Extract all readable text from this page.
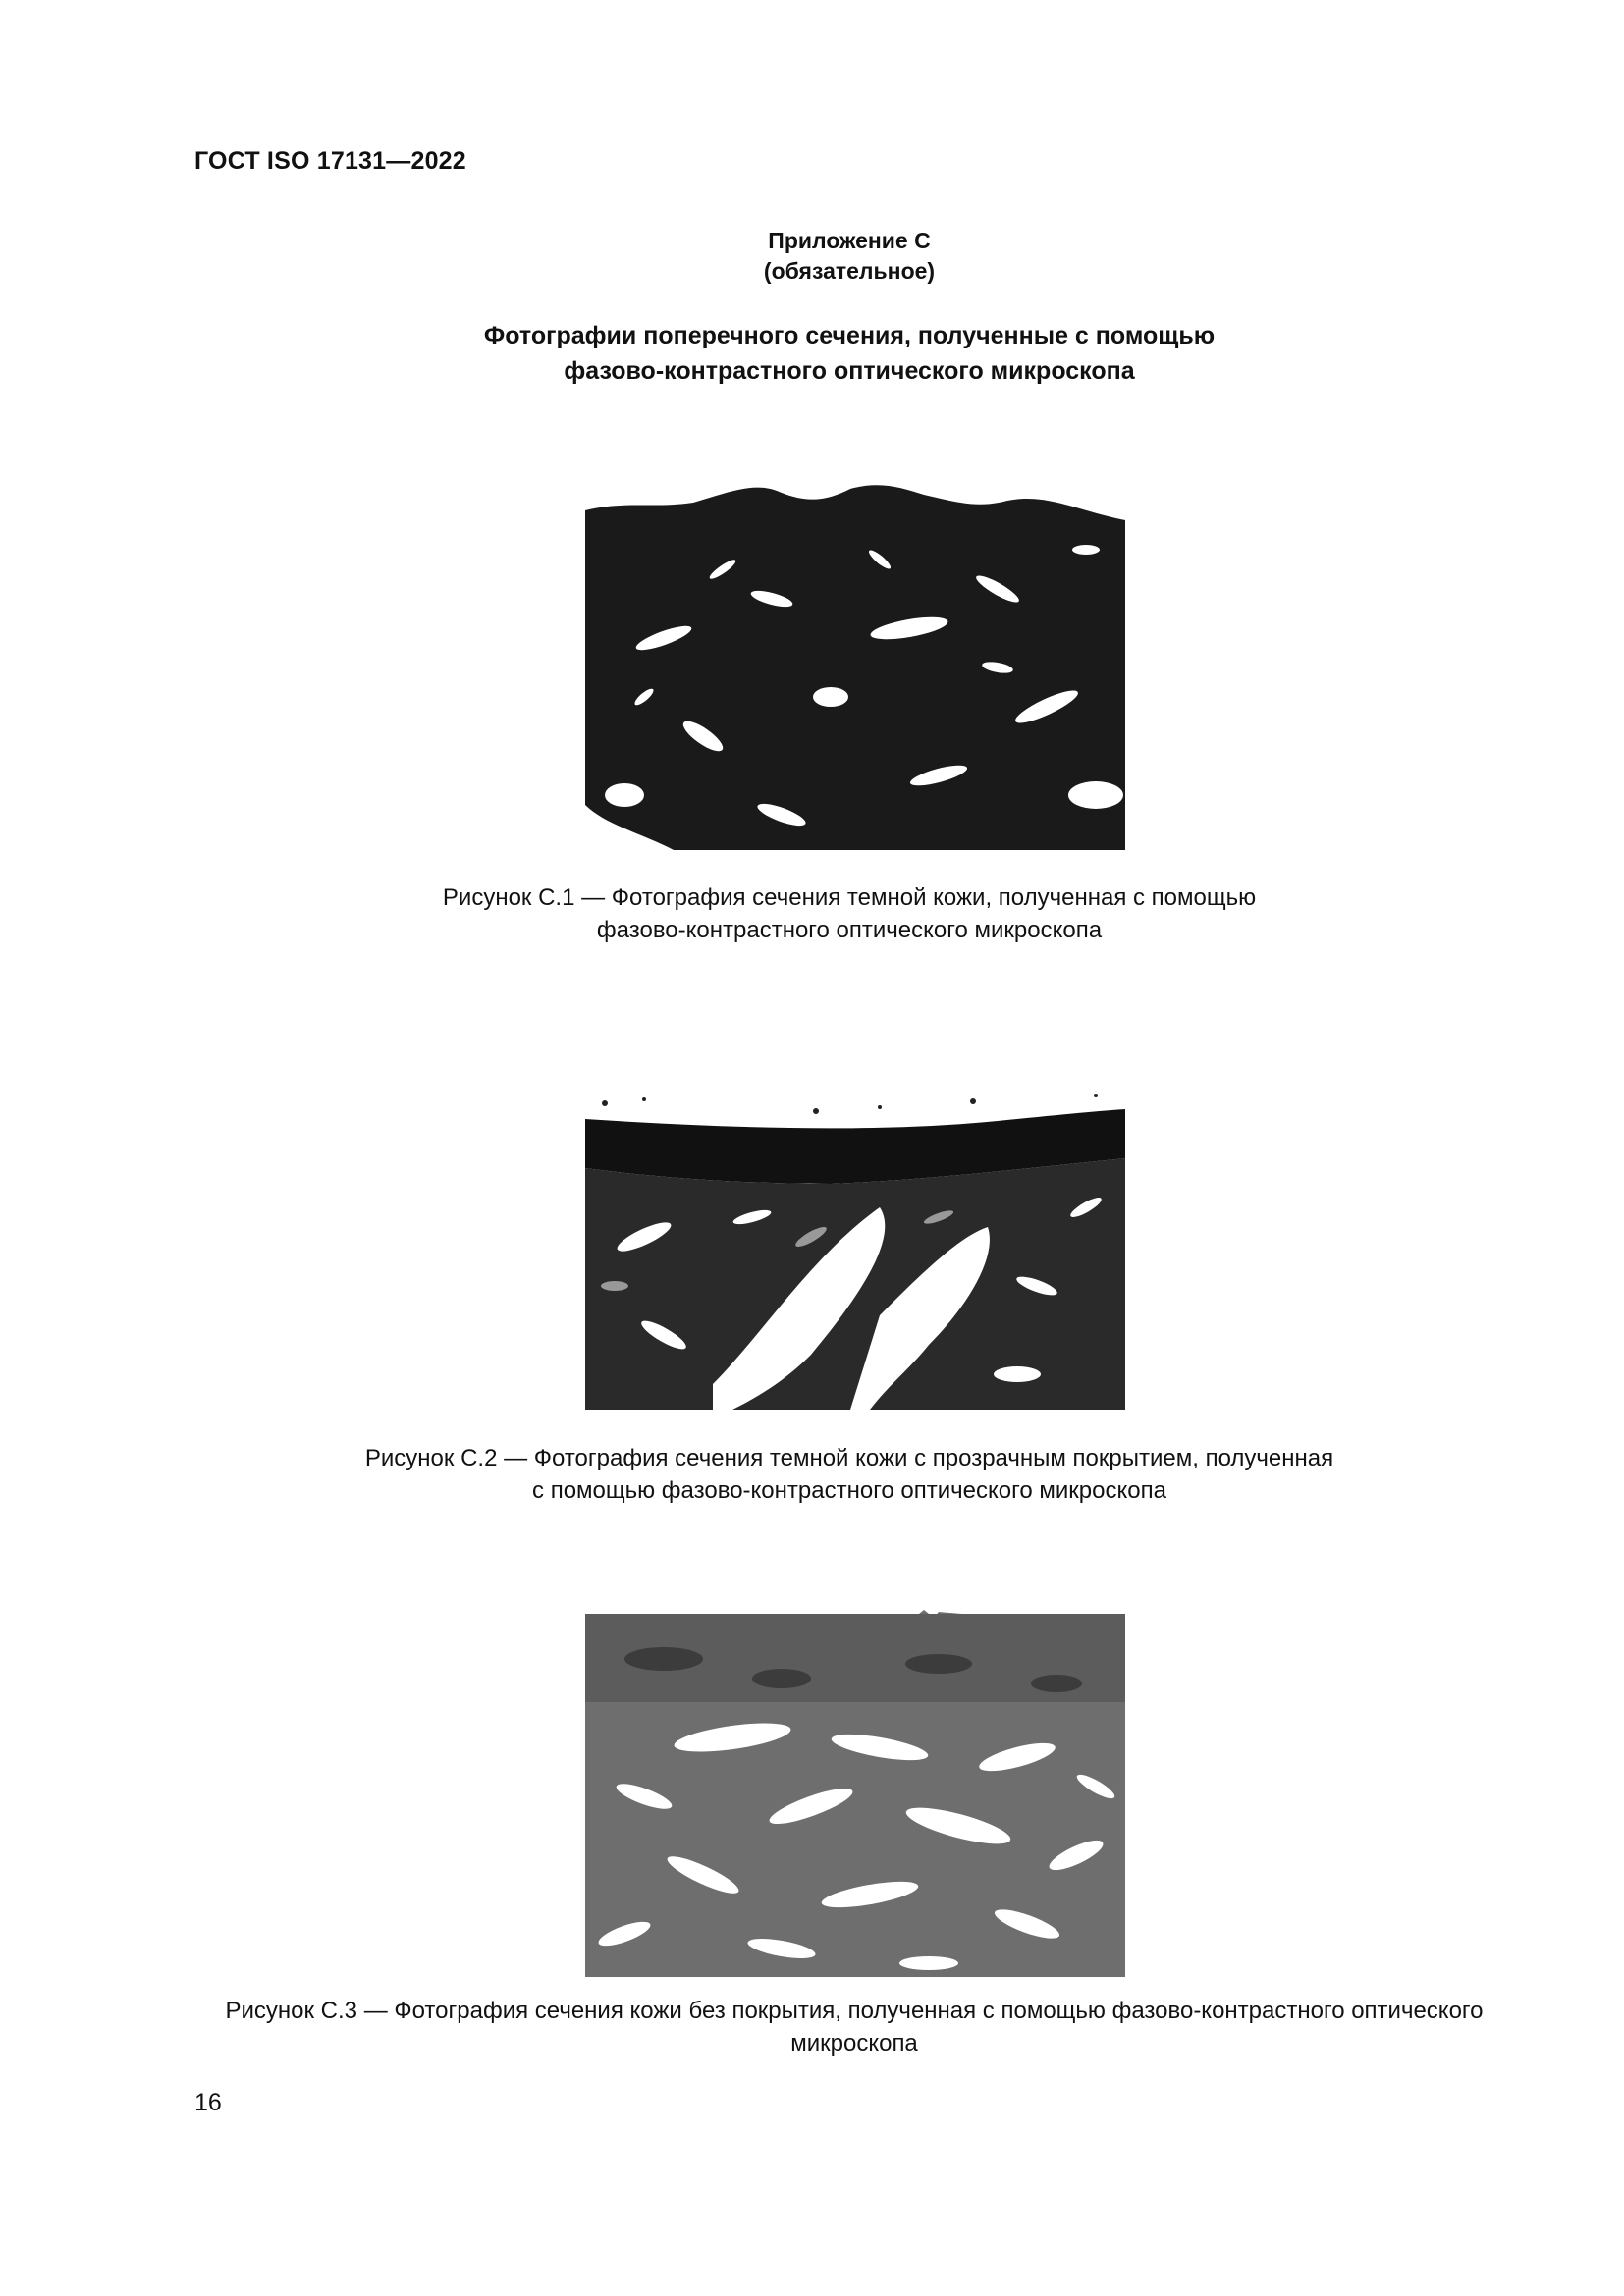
ГОСТ ISO 17131—2022
Приложение С
(обязательное)
Фотографии поперечного сечения, полученные с помощью
фазово-контрастного оптического микроскопа
Рисунок С.1 — Фотография сечения темной кожи, полученная с помощью
фазово-контрастного оптического микроскопа
Рисунок С.2 — Фотография сечения темной кожи с прозрачным покрытием, полученная
с помощью фазово-контрастного оптического микроскопа
Рисунок С.3 — Фотография сечения кожи без покрытия, полученная с помощью фазово-контрастного оптического
микроскопа
16
